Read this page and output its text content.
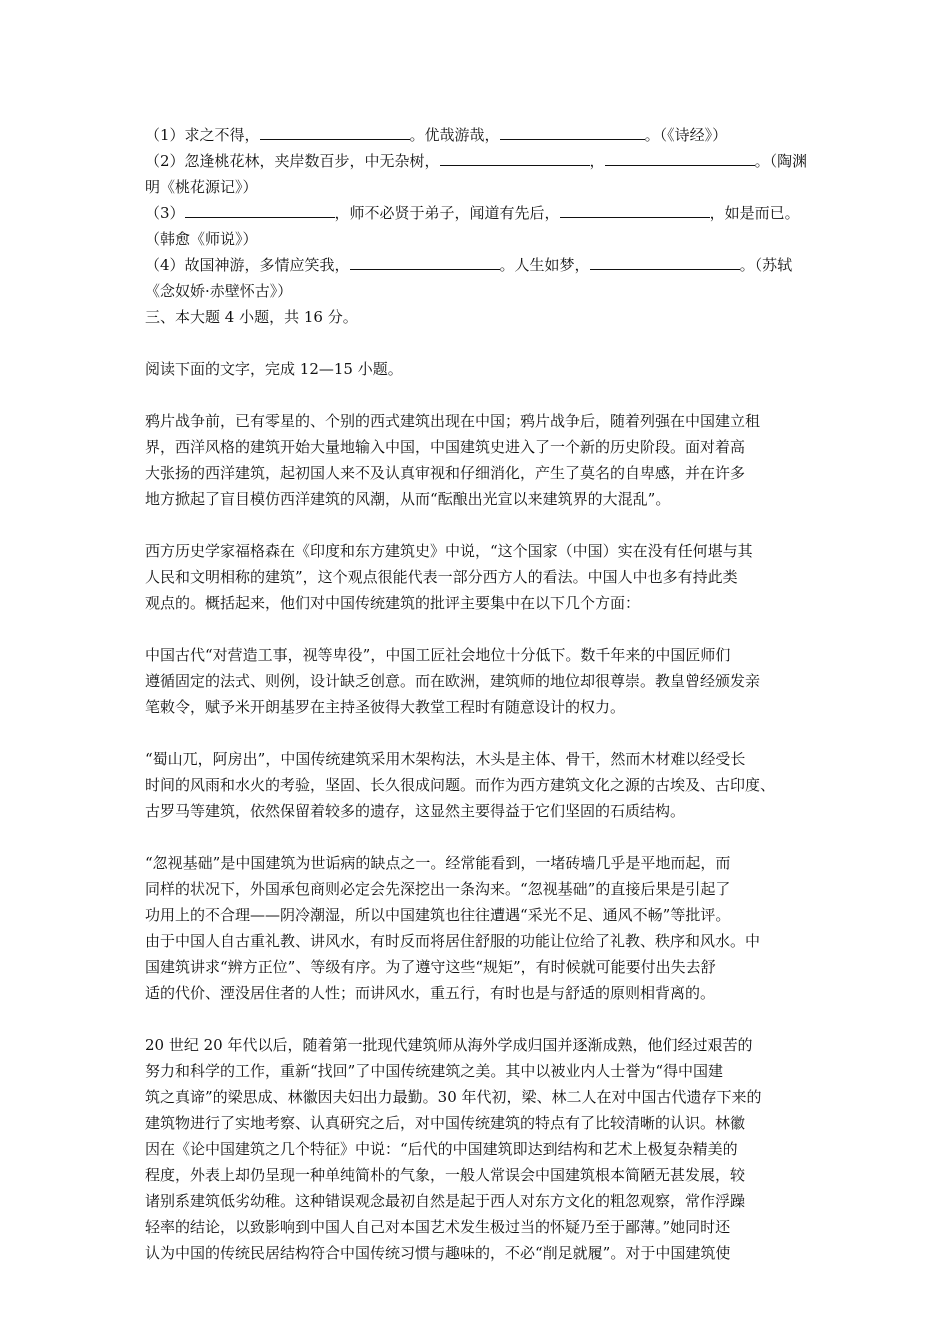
（1）求之不得，	。优哉游哉，	。（《诗经》）
（2）忽逢桃花林，夹岸数百步，中无杂树，	，	。（陶渊
明《桃花源记》）
（3）	，师不必贤于弟子，闻道有先后，	，如是而已。
（韩愈《师说》）
（4）故国神游，多情应笑我，	。人生如梦，	。（苏轼
《念奴娇·赤壁怀古》）
三、本大题 4 小题，共 16 分。
阅读下面的文字，完成 12—15 小题。
鸦片战争前，已有零星的、个别的西式建筑出现在中国；鸦片战争后，随着列强在中国建立租
界，西洋风格的建筑开始大量地输入中国，中国建筑史进入了一个新的历史阶段。面对着高
大张扬的西洋建筑，起初国人来不及认真审视和仔细消化，产生了莫名的自卑感，并在许多
地方掀起了盲目模仿西洋建筑的风潮，从而“酝酿出光宣以来建筑界的大混乱”。
西方历史学家福格森在《印度和东方建筑史》中说，“这个国家（中国）实在没有任何堪与其
人民和文明相称的建筑”，这个观点很能代表一部分西方人的看法。中国人中也多有持此类
观点的。概括起来，他们对中国传统建筑的批评主要集中在以下几个方面：
中国古代“对营造工事，视等卑役”，中国工匠社会地位十分低下。数千年来的中国匠师们
遵循固定的法式、则例，设计缺乏创意。而在欧洲，建筑师的地位却很尊崇。教皇曾经颁发亲
笔敕令，赋予米开朗基罗在主持圣彼得大教堂工程时有随意设计的权力。
“蜀山兀，阿房出”，中国传统建筑采用木架构法，木头是主体、骨干，然而木材难以经受长
时间的风雨和水火的考验，坚固、长久很成问题。而作为西方建筑文化之源的古埃及、古印度、
古罗马等建筑，依然保留着较多的遗存，这显然主要得益于它们坚固的石质结构。
“忽视基础”是中国建筑为世诟病的缺点之一。经常能看到，一堵砖墙几乎是平地而起，而
同样的状况下，外国承包商则必定会先深挖出一条沟来。“忽视基础”的直接后果是引起了
功用上的不合理——阴冷潮湿，所以中国建筑也往往遭遇“采光不足、通风不畅”等批评。
由于中国人自古重礼教、讲风水，有时反而将居住舒服的功能让位给了礼教、秩序和风水。中
国建筑讲求“辨方正位”、等级有序。为了遵守这些“规矩”，有时候就可能要付出失去舒
适的代价、湮没居住者的人性；而讲风水，重五行，有时也是与舒适的原则相背离的。
20 世纪 20 年代以后，随着第一批现代建筑师从海外学成归国并逐渐成熟，他们经过艰苦的
努力和科学的工作，重新“找回”了中国传统建筑之美。其中以被业内人士誉为“得中国建
筑之真谛”的梁思成、林徽因夫妇出力最勤。30 年代初，梁、林二人在对中国古代遗存下来的
建筑物进行了实地考察、认真研究之后，对中国传统建筑的特点有了比较清晰的认识。林徽
因在《论中国建筑之几个特征》中说：“后代的中国建筑即达到结构和艺术上极复杂精美的
程度，外表上却仍呈现一种单纯简朴的气象，一般人常误会中国建筑根本简陋无甚发展，较
诸别系建筑低劣幼稚。这种错误观念最初自然是起于西人对东方文化的粗忽观察，常作浮躁
轻率的结论，以致影响到中国人自己对本国艺术发生极过当的怀疑乃至于鄙薄。”她同时还
认为中国的传统民居结构符合中国传统习惯与趣味的，不必“削足就履”。对于中国建筑使
